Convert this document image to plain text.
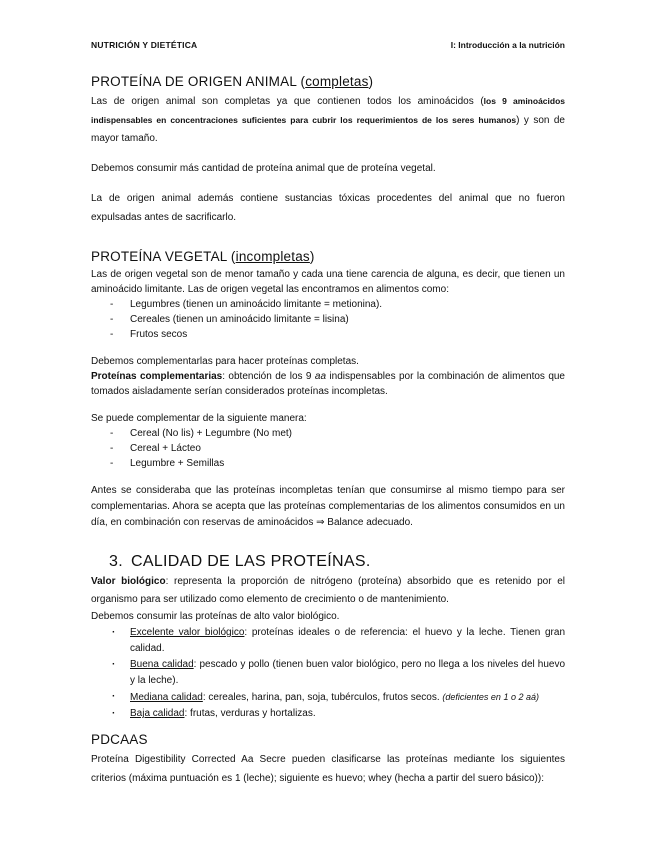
NUTRICIÓN Y DIETÉTICA	I: Introducción a la nutrición
PROTEÍNA DE ORIGEN ANIMAL (completas)

Las de origen animal son completas ya que contienen todos los aminoácidos (los 9 aminoácidos indispensables en concentraciones suficientes para cubrir los requerimientos de los seres humanos) y son de mayor tamaño.

Debemos consumir más cantidad de proteína animal que de proteína vegetal.

La de origen animal además contiene sustancias tóxicas procedentes del animal que no fueron expulsadas antes de sacrificarlo.

PROTEÍNA VEGETAL (incompletas)

Las de origen vegetal son de menor tamaño y cada una tiene carencia de alguna, es decir, que tienen un aminoácido limitante. Las de origen vegetal las encontramos en alimentos como:

- Legumbres (tienen un aminoácido limitante = metionina).
- Cereales (tienen un aminoácido limitante = lisina)
- Frutos secos

Debemos complementarlas para hacer proteínas completas.

Proteínas complementarias: obtención de los 9 aa indispensables por la combinación de alimentos que tomados aisladamente serían considerados proteínas incompletas.

Se puede complementar de la siguiente manera:

- Cereal (No lis) + Legumbre (No met)
- Cereal + Lácteo
- Legumbre + Semillas

Antes se consideraba que las proteínas incompletas tenían que consumirse al mismo tiempo para ser complementarias. Ahora se acepta que las proteínas complementarias de los alimentos consumidos en un día, en combinación con reservas de aminoácidos ⇒ Balance adecuado.

3. CALIDAD DE LAS PROTEÍNAS.

Valor biológico: representa la proporción de nitrógeno (proteína) absorbido que es retenido por el organismo para ser utilizado como elemento de crecimiento o de mantenimiento.

Debemos consumir las proteínas de alto valor biológico.

· Excelente valor biológico: proteínas ideales o de referencia: el huevo y la leche. Tienen gran calidad.
· Buena calidad: pescado y pollo (tienen buen valor biológico, pero no llega a los niveles del huevo y la leche).
· Mediana calidad: cereales, harina, pan, soja, tubérculos, frutos secos. (deficientes en 1 o 2 aá)
· Baja calidad: frutas, verduras y hortalizas.
PDCAAS

Proteína Digestibility Corrected Aa Secre pueden clasificarse las proteínas mediante los siguientes criterios (máxima puntuación es 1 (leche); siguiente es huevo; whey (hecha a partir del suero básico)):
